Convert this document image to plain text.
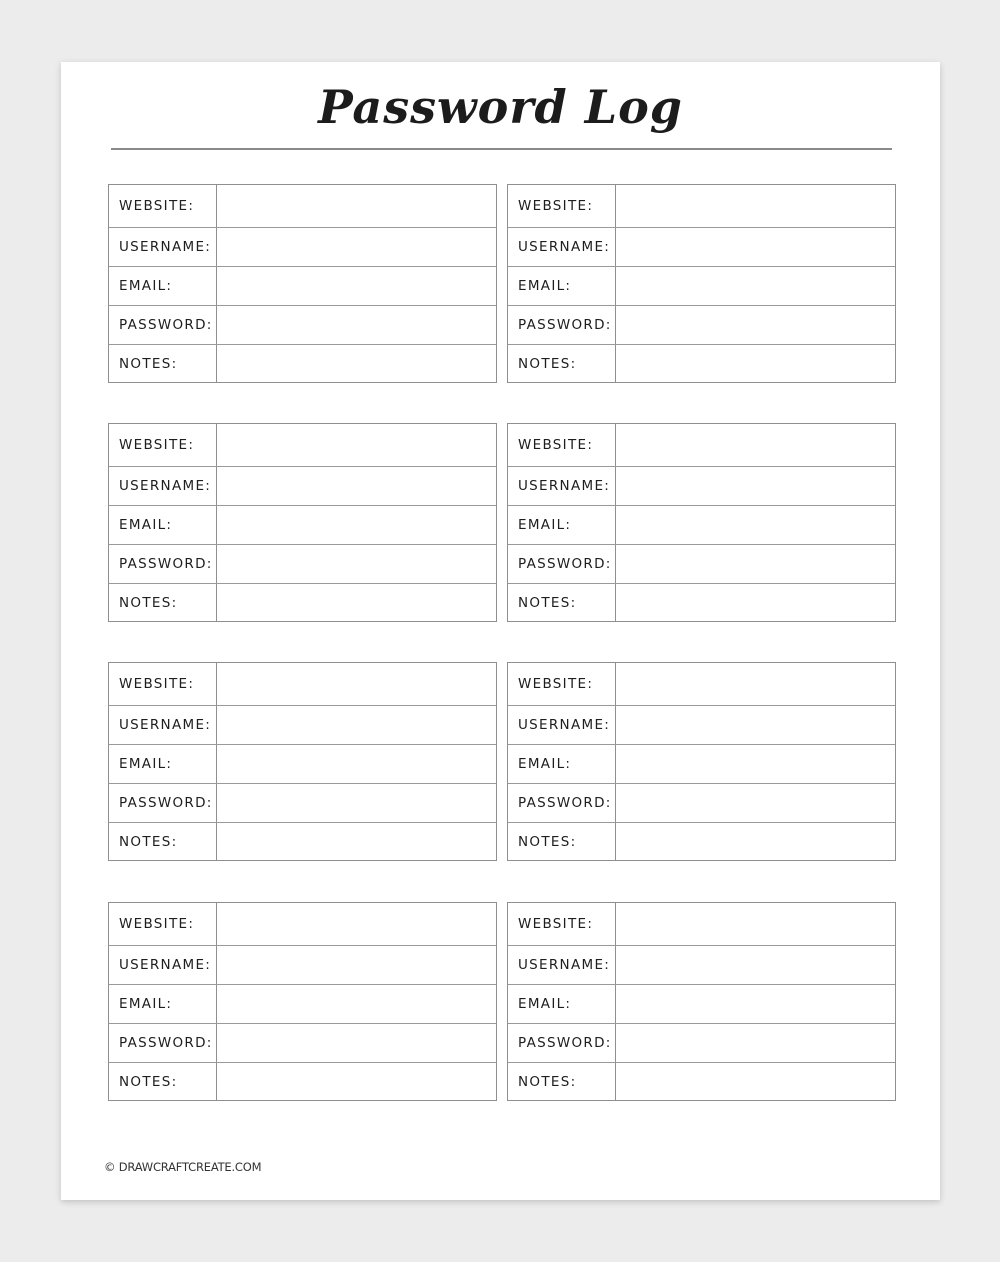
Password Log
WEBSITE:
USERNAME:
EMAIL:
PASSWORD:
NOTES:
WEBSITE:
USERNAME:
EMAIL:
PASSWORD:
NOTES:
WEBSITE:
USERNAME:
EMAIL:
PASSWORD:
NOTES:
WEBSITE:
USERNAME:
EMAIL:
PASSWORD:
NOTES:
WEBSITE:
USERNAME:
EMAIL:
PASSWORD:
NOTES:
WEBSITE:
USERNAME:
EMAIL:
PASSWORD:
NOTES:
WEBSITE:
USERNAME:
EMAIL:
PASSWORD:
NOTES:
WEBSITE:
USERNAME:
EMAIL:
PASSWORD:
NOTES:
© DRAWCRAFTCREATE.COM
